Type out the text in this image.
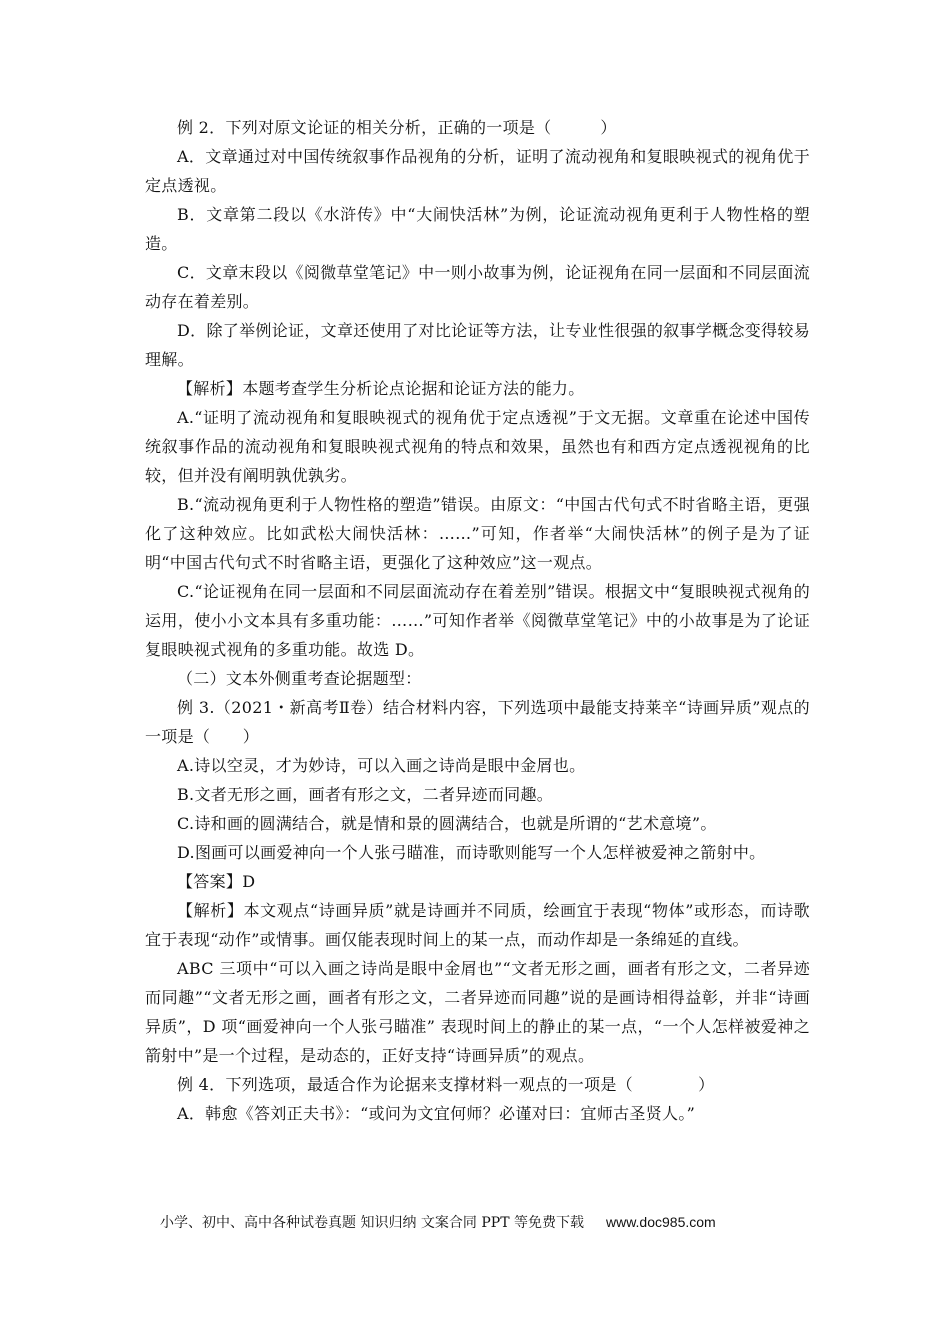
例 2．下列对原文论证的相关分析，正确的一项是（　　　）

A．文章通过对中国传统叙事作品视角的分析，证明了流动视角和复眼映视式的视角优于定点透视。

B．文章第二段以《水浒传》中“大闹快活林”为例，论证流动视角更利于人物性格的塑造。

C．文章末段以《阅微草堂笔记》中一则小故事为例，论证视角在同一层面和不同层面流动存在着差别。

D．除了举例论证，文章还使用了对比论证等方法，让专业性很强的叙事学概念变得较易理解。

【解析】本题考查学生分析论点论据和论证方法的能力。

A.“证明了流动视角和复眼映视式的视角优于定点透视”于文无据。文章重在论述中国传统叙事作品的流动视角和复眼映视式视角的特点和效果，虽然也有和西方定点透视视角的比较，但并没有阐明孰优孰劣。

B.“流动视角更利于人物性格的塑造”错误。由原文：“中国古代句式不时省略主语，更强化了这种效应。比如武松大闹快活林：……”可知，作者举“大闹快活林”的例子是为了证明“中国古代句式不时省略主语，更强化了这种效应”这一观点。

C.“论证视角在同一层面和不同层面流动存在着差别”错误。根据文中“复眼映视式视角的运用，使小小文本具有多重功能：……”可知作者举《阅微草堂笔记》中的小故事是为了论证复眼映视式视角的多重功能。故选 D。

（二）文本外侧重考查论据题型：

例 3.（2021・新高考Ⅱ卷）结合材料内容，下列选项中最能支持莱辛“诗画异质”观点的一项是（　　）

A.诗以空灵，才为妙诗，可以入画之诗尚是眼中金屑也。

B.文者无形之画，画者有形之文，二者异迹而同趣。

C.诗和画的圆满结合，就是情和景的圆满结合，也就是所谓的“艺术意境”。

D.图画可以画爱神向一个人张弓瞄准，而诗歌则能写一个人怎样被爱神之箭射中。

【答案】D

【解析】本文观点“诗画异质”就是诗画并不同质，绘画宜于表现“物体”或形态，而诗歌宜于表现“动作”或情事。画仅能表现时间上的某一点，而动作却是一条绵延的直线。

ABC 三项中“可以入画之诗尚是眼中金屑也”“文者无形之画，画者有形之文，二者异迹而同趣”“文者无形之画，画者有形之文，二者异迹而同趣”说的是画诗相得益彰，并非“诗画异质”，D 项“画爱神向一个人张弓瞄准” 表现时间上的静止的某一点，“一个人怎样被爱神之箭射中”是一个过程，是动态的，正好支持“诗画异质”的观点。

例 4．下列选项，最适合作为论据来支撑材料一观点的一项是（　　　　）

A．韩愈《答刘正夫书》：“或问为文宜何师？必谨对曰：宜师古圣贤人。”

小学、初中、高中各种试卷真题 知识归纳 文案合同 PPT 等免费下载 www.doc985.com
